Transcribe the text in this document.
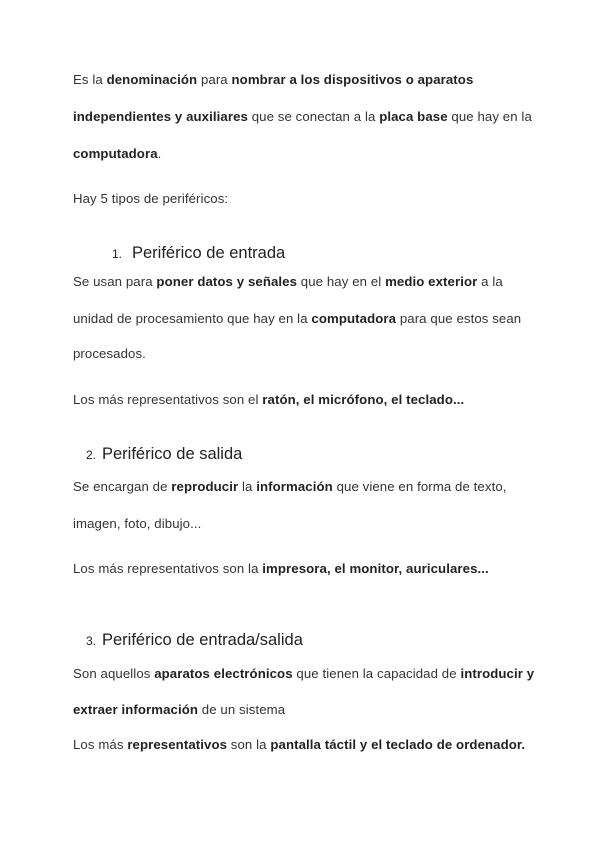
Es la denominación para nombrar a los dispositivos o aparatos
independientes y auxiliares que se conectan a la placa base que hay en la
computadora.
Hay 5 tipos de periféricos:
1. Periférico de entrada
Se usan para poner datos y señales que hay en el medio exterior a la
unidad de procesamiento que hay en la computadora para que estos sean
procesados.
Los más representativos son el ratón, el micrófono, el teclado...
2. Periférico de salida
Se encargan de reproducir la información que viene en forma de texto,
imagen, foto, dibujo...
Los más representativos son la impresora, el monitor, auriculares...
3. Periférico de entrada/salida
Son aquellos aparatos electrónicos que tienen la capacidad de introducir y
extraer información de un sistema
Los más representativos son la pantalla táctil y el teclado de ordenador.
